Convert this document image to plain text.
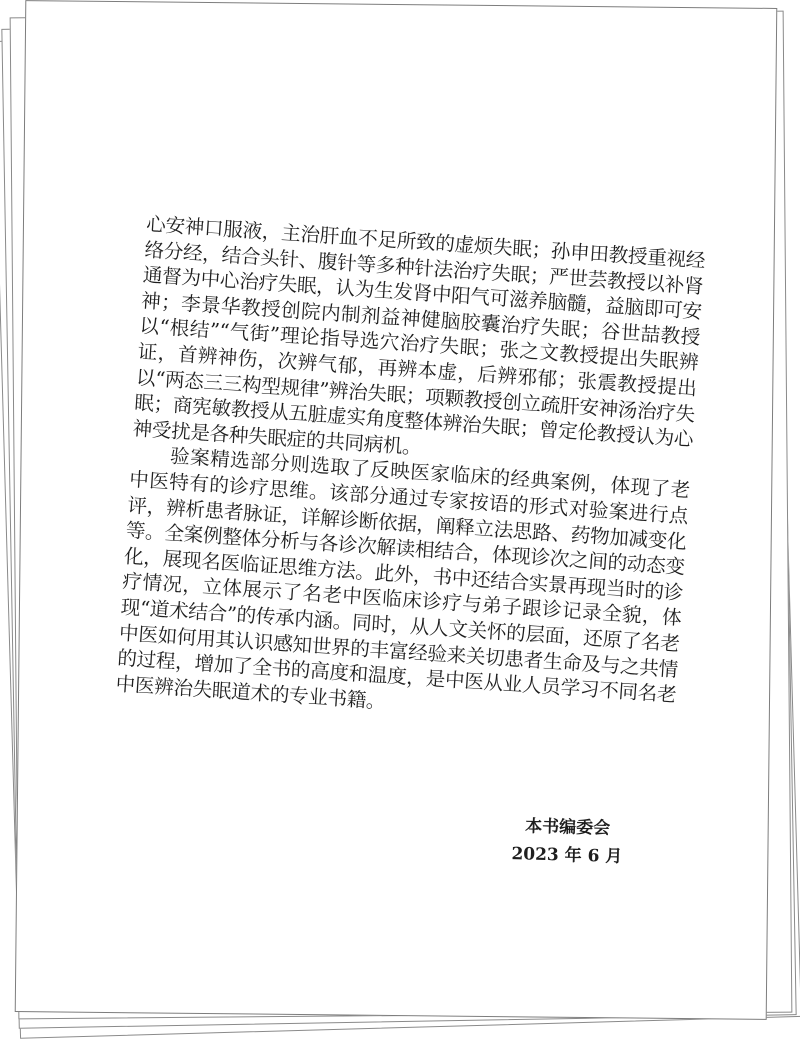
心安神口服液，主治肝血不足所致的虚烦失眠；孙申田教授重视经络分经，结合头针、腹针等多种针法治疗失眠；严世芸教授以补肾通督为中心治疗失眠，认为生发肾中阳气可滋养脑髓，益脑即可安神；李景华教授创院内制剂益神健脑胶囊治疗失眠；谷世喆教授以“根结”“气街”理论指导选穴治疗失眠；张之文教授提出失眠辨证，首辨神伤，次辨气郁，再辨本虚，后辨邪郁；张震教授提出以“两态三三构型规律”辨治失眠；项颗教授创立疏肝安神汤治疗失眠；商宪敏教授从五脏虚实角度整体辨治失眠；曾定伦教授认为心神受扰是各种失眠症的共同病机。

验案精选部分则选取了反映医家临床的经典案例，体现了老中医特有的诊疗思维。该部分通过专家按语的形式对验案进行点评，辨析患者脉证，详解诊断依据，阐释立法思路、药物加减变化等。全案例整体分析与各诊次解读相结合，体现诊次之间的动态变化，展现名医临证思维方法。此外，书中还结合实景再现当时的诊疗情况，立体展示了名老中医临床诊疗与弟子跟诊记录全貌，体现“道术结合”的传承内涵。同时，从人文关怀的层面，还原了名老中医如何用其认识感知世界的丰富经验来关切患者生命及与之共情的过程，增加了全书的高度和温度，是中医从业人员学习不同名老中医辨治失眠道术的专业书籍。

本书编委会
2023 年 6 月
